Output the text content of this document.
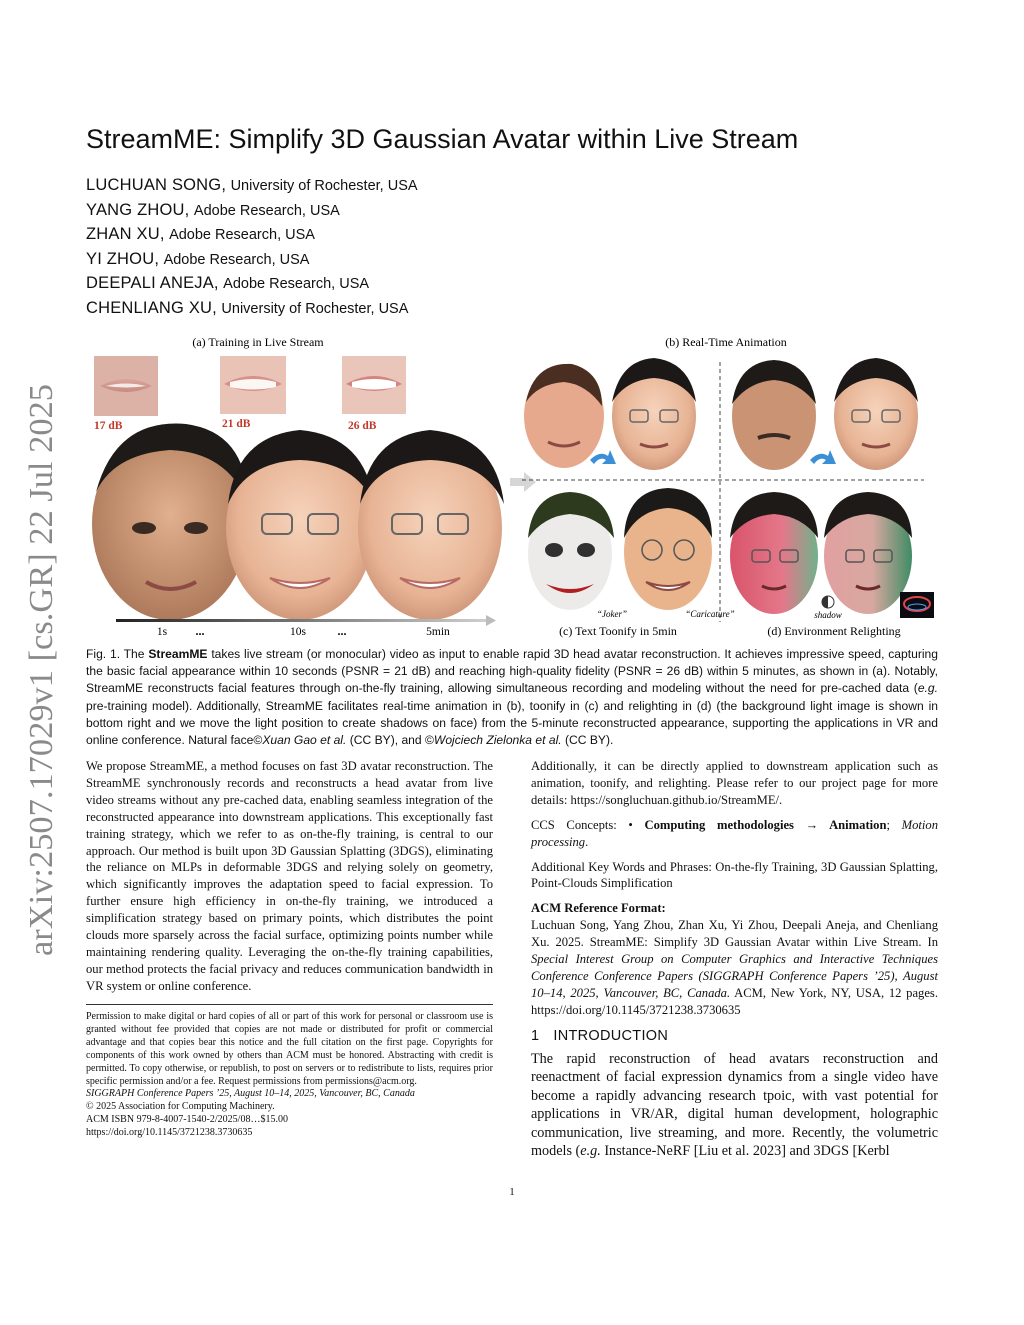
arXiv:2507.17029v1 [cs.GR] 22 Jul 2025
StreamME: Simplify 3D Gaussian Avatar within Live Stream
LUCHUAN SONG, University of Rochester, USA
YANG ZHOU, Adobe Research, USA
ZHAN XU, Adobe Research, USA
YI ZHOU, Adobe Research, USA
DEEPALI ANEJA, Adobe Research, USA
CHENLIANG XU, University of Rochester, USA
(a) Training in Live Stream	(b) Real-Time Animation
17 dB	21 dB	26 dB
1s ...	10s	...	5min
“Joker”	“Caricature”	shadow
(c) Text Toonify in 5min	(d) Environment Relighting
Fig. 1. The StreamME takes live stream (or monocular) video as input to enable rapid 3D head avatar reconstruction. It achieves impressive speed, capturing the basic facial appearance within 10 seconds (PSNR = 21 dB) and reaching high-quality fidelity (PSNR = 26 dB) within 5 minutes, as shown in (a). Notably, StreamME reconstructs facial features through on-the-fly training, allowing simultaneous recording and modeling without the need for pre-cached data (e.g. pre-training model). Additionally, StreamME facilitates real-time animation in (b), toonify in (c) and relighting in (d) (the background light image is shown in bottom right and we move the light position to create shadows on face) from the 5-minute reconstructed appearance, supporting the applications in VR and online conference. Natural face©Xuan Gao et al. (CC BY), and ©Wojciech Zielonka et al. (CC BY).
We propose StreamME, a method focuses on fast 3D avatar reconstruction. The StreamME synchronously records and reconstructs a head avatar from live video streams without any pre-cached data, enabling seamless integration of the reconstructed appearance into downstream applications. This exceptionally fast training strategy, which we refer to as on-the-fly training, is central to our approach. Our method is built upon 3D Gaussian Splatting (3DGS), eliminating the reliance on MLPs in deformable 3DGS and relying solely on geometry, which significantly improves the adaptation speed to facial expression. To further ensure high efficiency in on-the-fly training, we introduced a simplification strategy based on primary points, which distributes the point clouds more sparsely across the facial surface, optimizing points number while maintaining rendering quality. Leveraging the on-the-fly training capabilities, our method protects the facial privacy and reduces communication bandwidth in VR system or online conference.

Additionally, it can be directly applied to downstream application such as animation, toonify, and relighting. Please refer to our project page for more details: https://songluchuan.github.io/StreamME/.

CCS Concepts: • Computing methodologies → Animation; Motion processing.

Additional Key Words and Phrases: On-the-fly Training, 3D Gaussian Splatting, Point-Clouds Simplification

ACM Reference Format:

Luchuan Song, Yang Zhou, Zhan Xu, Yi Zhou, Deepali Aneja, and Chenliang Xu. 2025. StreamME: Simplify 3D Gaussian Avatar within Live Stream. In Special Interest Group on Computer Graphics and Interactive Techniques Conference Conference Papers (SIGGRAPH Conference Papers ’25), August 10–14, 2025, Vancouver, BC, Canada. ACM, New York, NY, USA, 12 pages. https://doi.org/10.1145/3721238.3730635

Permission to make digital or hard copies of all or part of this work for personal or classroom use is granted without fee provided that copies are not made or distributed for profit or commercial advantage and that copies bear this notice and the full citation on the first page. Copyrights for components of this work owned by others than ACM must be honored. Abstracting with credit is permitted. To copy otherwise, or republish, to post on servers or to redistribute to lists, requires prior specific permission and/or a fee. Request permissions from permissions@acm.org.
SIGGRAPH Conference Papers ’25, August 10–14, 2025, Vancouver, BC, Canada
© 2025 Association for Computing Machinery.
ACM ISBN 979-8-4007-1540-2/2025/08…$15.00
https://doi.org/10.1145/3721238.3730635
1 INTRODUCTION
The rapid reconstruction of head avatars reconstruction and reenactment of facial expression dynamics from a single video have become a rapidly advancing research tpoic, with vast potential for applications in VR/AR, digital human development, holographic communication, live streaming, and more. Recently, the volumetric models (e.g. Instance-NeRF [Liu et al. 2023] and 3DGS [Kerbl
1
